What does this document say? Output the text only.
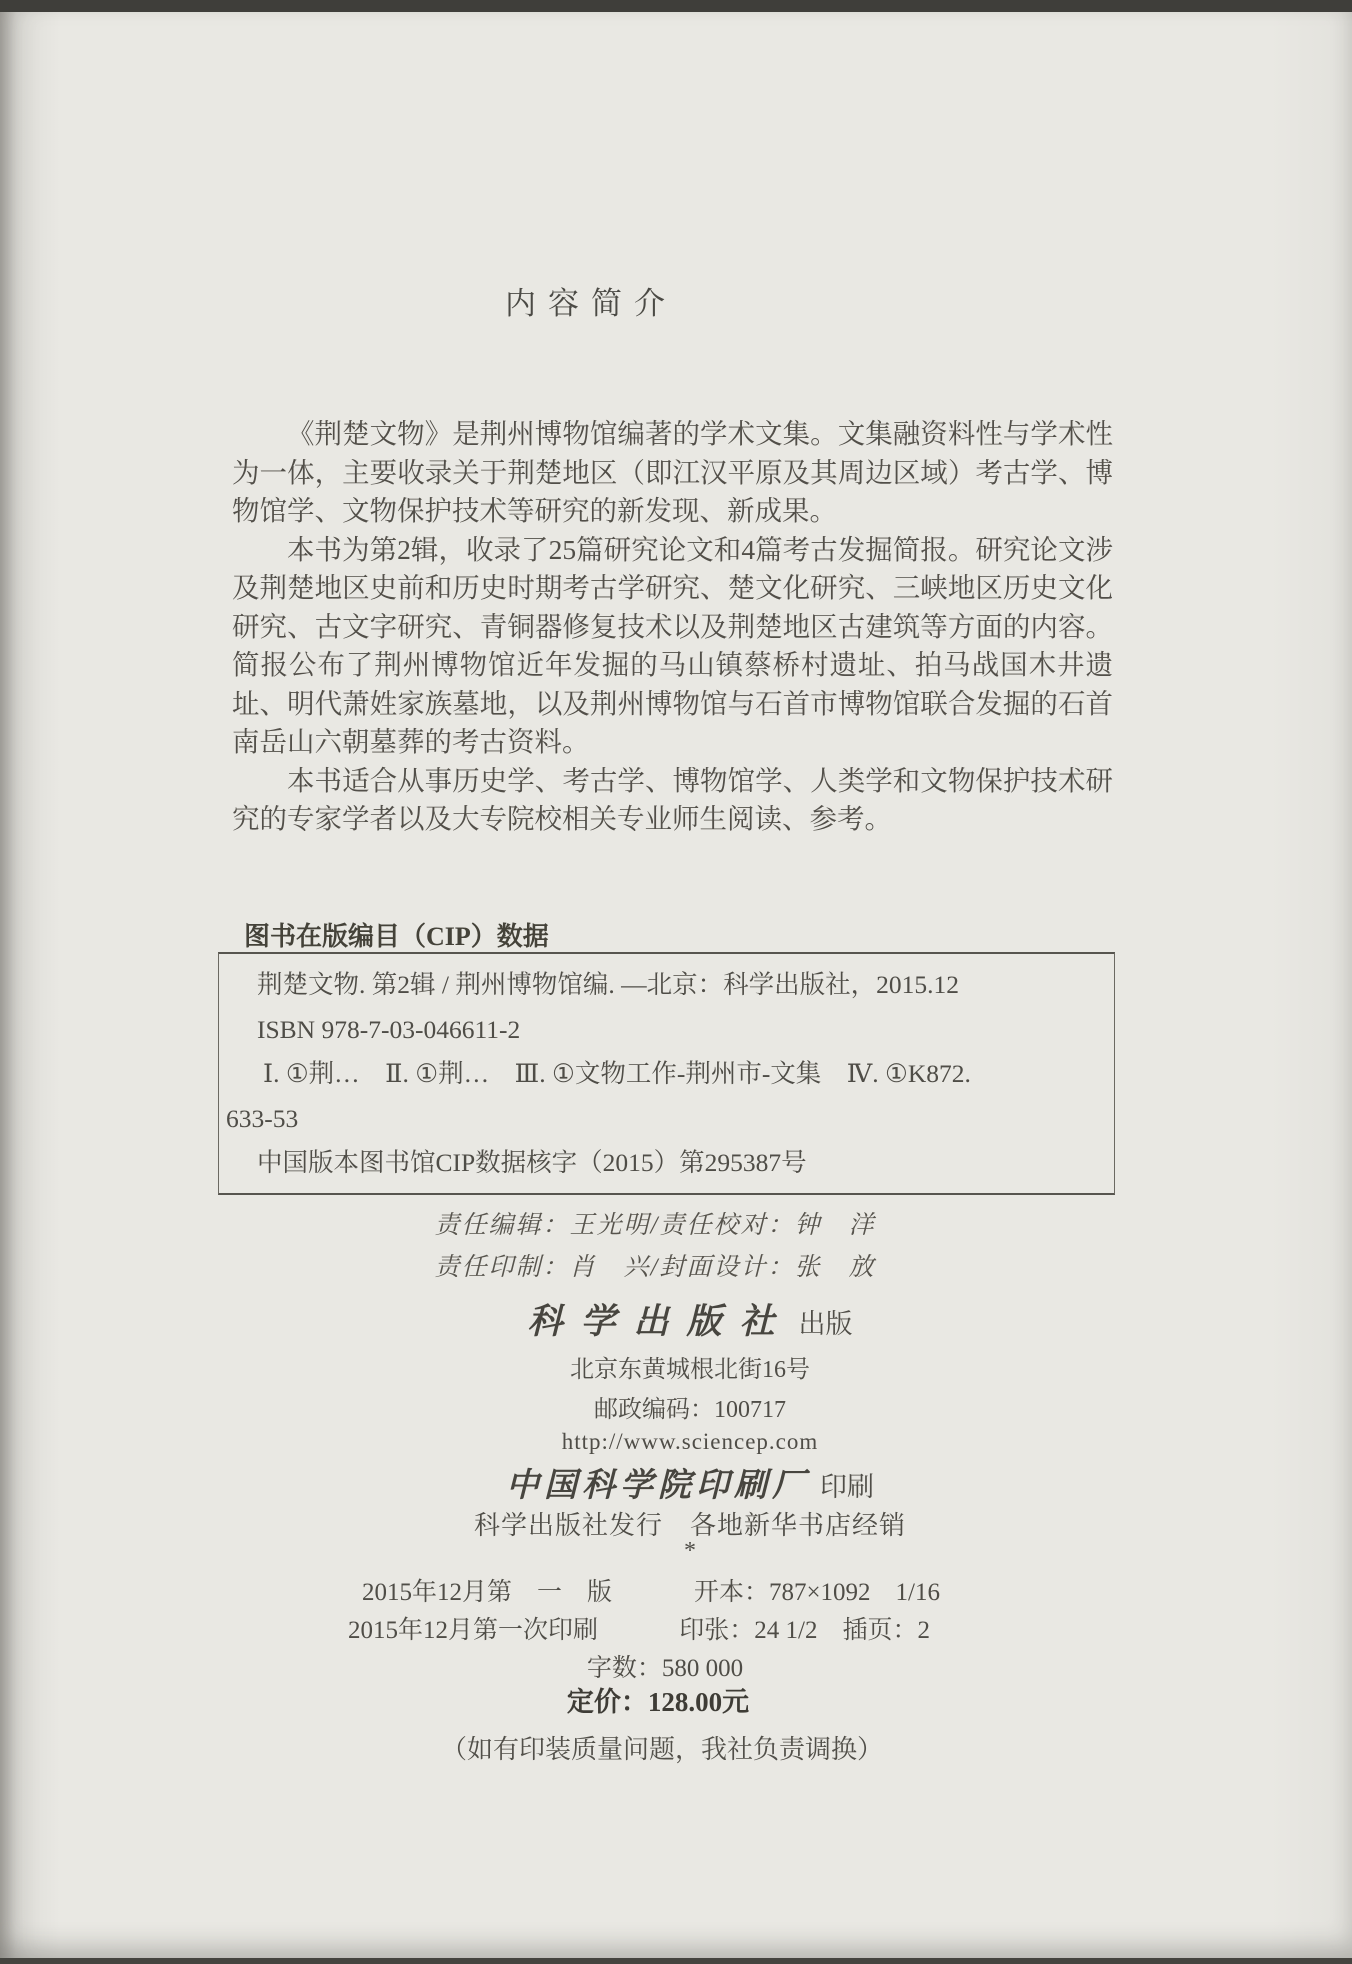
内容简介

《荆楚文物》是荆州博物馆编著的学术文集。文集融资料性与学术性为一体，主要收录关于荆楚地区（即江汉平原及其周边区域）考古学、博物馆学、文物保护技术等研究的新发现、新成果。

本书为第2辑，收录了25篇研究论文和4篇考古发掘简报。研究论文涉及荆楚地区史前和历史时期考古学研究、楚文化研究、三峡地区历史文化研究、古文字研究、青铜器修复技术以及荆楚地区古建筑等方面的内容。简报公布了荆州博物馆近年发掘的马山镇蔡桥村遗址、拍马战国木井遗址、明代萧姓家族墓地，以及荆州博物馆与石首市博物馆联合发掘的石首南岳山六朝墓葬的考古资料。

本书适合从事历史学、考古学、博物馆学、人类学和文物保护技术研究的专家学者以及大专院校相关专业师生阅读、参考。

图书在版编目（CIP）数据

荆楚文物. 第2辑 / 荆州博物馆编. —北京：科学出版社，2015.12

ISBN 978-7-03-046611-2

Ⅰ. ①荆…　Ⅱ. ①荆…　Ⅲ. ①文物工作-荆州市-文集　Ⅳ. ①K872.

633-53

中国版本图书馆CIP数据核字（2015）第295387号

责任编辑：王光明/责任校对：钟　洋

责任印制：肖　兴/封面设计：张　放

科学出版社 出版

北京东黄城根北街16号

邮政编码：100717

http://www.sciencep.com

中国科学院印刷厂 印刷

科学出版社发行　各地新华书店经销

*

2015年12月第　一　版	开本：787×1092　1/16
2015年12月第一次印刷	印张：24 1/2　插页：2

字数：580 000

定价：128.00元

（如有印装质量问题，我社负责调换）
